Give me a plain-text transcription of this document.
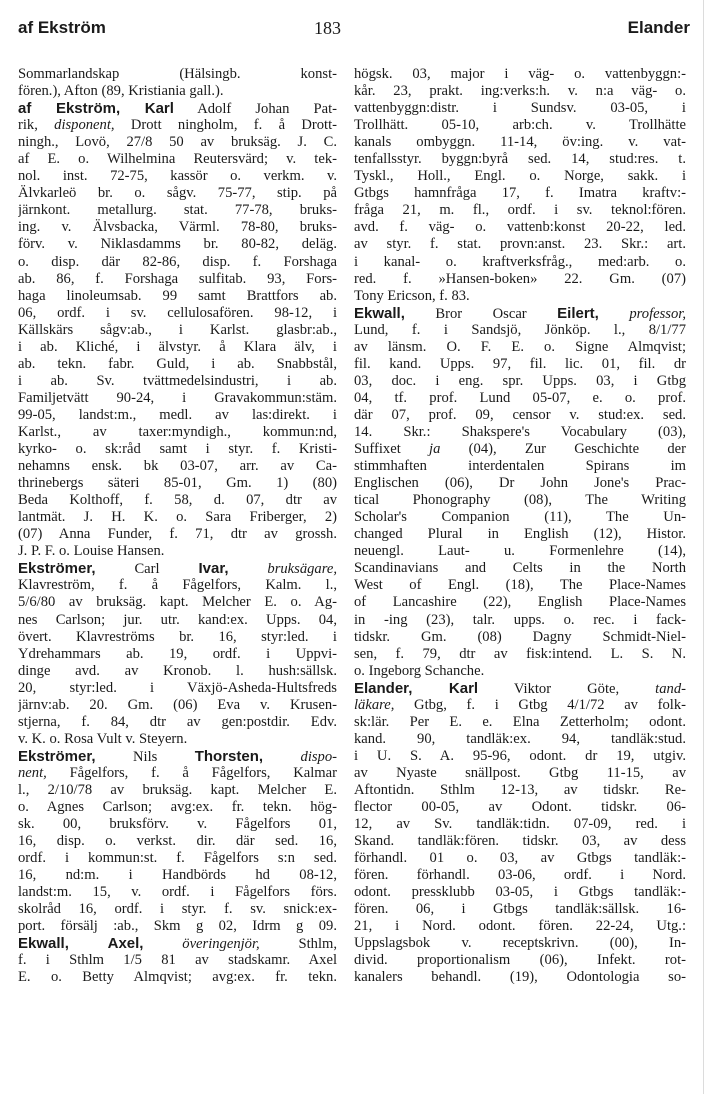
af Ekström	183	Elander
Sommarlandskap (Hälsingb. konst-
fören.), Afton (89, Kristiania gall.).
af Ekström, Karl Adolf Johan Pat-
rik, disponent, Drott ningholm, f. å Drott-
ningh., Lovö, 27/8 50 av bruksäg. J. C.
af E. o. Wilhelmina Reutersvärd; v. tek-
nol. inst. 72-75, kassör o. verkm. v.
Älvkarleö br. o. sågv. 75-77, stip. på
järnkont. metallurg. stat. 77-78, bruks-
ing. v. Älvsbacka, Värml. 78-80, bruks-
förv. v. Niklasdamms br. 80-82, deläg.
o. disp. där 82-86, disp. f. Forshaga
ab. 86, f. Forshaga sulfitab. 93, Fors-
haga linoleumsab. 99 samt Brattfors ab.
06, ordf. i sv. cellulosafören. 98-12, i
Källskärs sågv:ab., i Karlst. glasbr:ab.,
i ab. Kliché, i älvstyr. å Klara älv, i
ab. tekn. fabr. Guld, i ab. Snabbstål,
i ab. Sv. tvättmedelsindustri, i ab.
Familjetvätt 90-24, i Gravakommun:stäm.
99-05, landst:m., medl. av las:direkt. i
Karlst., av taxer:myndigh., kommun:nd,
kyrko- o. sk:råd samt i styr. f. Kristi-
nehamns ensk. bk 03-07, arr. av Ca-
thrinebergs säteri 85-01, Gm. 1) (80)
Beda Kolthoff, f. 58, d. 07, dtr av
lantmät. J. H. K. o. Sara Friberger, 2)
(07) Anna Funder, f. 71, dtr av grossh.
J. P. F. o. Louise Hansen.
Ekströmer, Carl Ivar,	bruksägare,
Klavreström, f. å Fågelfors, Kalm. l.,
5/6/80 av bruksäg. kapt. Melcher E. o. Ag-
nes Carlson; jur. utr. kand:ex. Upps. 04,
övert. Klavreströms br. 16, styr:led. i
Ydrehammars ab. 19, ordf. i Uppvi-
dinge avd. av Kronob. l. hush:sällsk.
20, styr:led. i Växjö-Asheda-Hultsfreds
järnv:ab. 20. Gm. (06) Eva v. Krusen-
stjerna, f. 84, dtr av gen:postdir. Edv.
v. K. o. Rosa Vult v. Steyern.
Ekströmer, Nils Thorsten,	dispo-
nent, Fågelfors, f. å Fågelfors, Kalmar
l., 2/10/78 av bruksäg. kapt. Melcher E.
o. Agnes Carlson; avg:ex. fr. tekn. hög-
sk. 00, bruksförv. v. Fågelfors 01,
16, disp. o. verkst. dir. där sed. 16,
ordf. i kommun:st. f. Fågelfors s:n sed.
16, nd:m. i Handbörds hd 08-12,
landst:m. 15, v. ordf. i Fågelfors förs.
skolråd 16, ordf. i styr. f. sv. snick:ex-
port. försälj :ab., Skm g 02, Idrm g 09.
Ekwall, Axel,	överingenjör, Sthlm,
f. i Sthlm 1/5 81 av stadskamr. Axel
E. o. Betty Almqvist; avg:ex. fr. tekn.
högsk. 03, major i väg- o. vattenbyggn:-
kår. 23, prakt. ing:verks:h. v. n:a väg- o.
vattenbyggn:distr. i Sundsv. 03-05, i
Trollhätt. 05-10, arb:ch. v. Trollhätte
kanals ombyggn. 11-14, öv:ing. v. vat-
tenfallsstyr. byggn:byrå sed. 14, stud:res. t.
Tyskl., Holl., Engl. o. Norge, sakk. i
Gtbgs hamnfråga 17, f. Imatra kraftv:-
fråga 21, m. fl., ordf. i sv. teknol:fören.
avd. f. väg- o. vattenb:konst 20-22, led.
av styr. f. stat. provn:anst. 23. Skr.: art.
i kanal- o. kraftverksfråg., med:arb. o.
red. f. »Hansen-boken» 22. Gm. (07)
Tony Ericson, f. 83.
Ekwall, Bror Oscar Eilert, professor,
Lund, f. i Sandsjö, Jönköp. l., 8/1/77
av länsm. O. F. E. o. Signe Almqvist;
fil. kand. Upps. 97, fil. lic. 01, fil. dr
03, doc. i eng. spr. Upps. 03, i Gtbg
04, tf. prof. Lund 05-07, e. o. prof.
där 07, prof. 09, censor v. stud:ex. sed.
14. Skr.: Shakspere's Vocabulary (03),
Suffixet ja (04), Zur Geschichte der
stimmhaften interdentalen Spirans im
Englischen (06), Dr John Jone's Prac-
tical Phonography (08), The Writing
Scholar's Companion (11), The Un-
changed Plural in English (12), Histor.
neuengl. Laut- u. Formenlehre (14),
Scandinavians and Celts in the North
West of Engl. (18), The Place-Names
of Lancashire (22), English Place-Names
in -ing (23), talr. upps. o. rec. i fack-
tidskr. Gm. (08) Dagny Schmidt-Niel-
sen, f. 79, dtr av fisk:intend. L. S. N.
o. Ingeborg Schanche.
Elander, Karl Viktor Göte, tand-
läkare, Gtbg, f. i Gtbg 4/1/72 av folk-
sk:lär. Per E. e. Elna Zetterholm; odont.
kand. 90, tandläk:ex. 94, tandläk:stud.
i U. S. A. 95-96, odont. dr 19, utgiv.
av Nyaste snällpost. Gtbg 11-15, av
Aftontidn. Sthlm 12-13, av tidskr. Re-
flector 00-05, av Odont. tidskr. 06-
12, av Sv. tandläk:tidn. 07-09, red. i
Skand. tandläk:fören. tidskr. 03, av dess
förhandl. 01 o. 03, av Gtbgs tandläk:-
fören. förhandl. 03-06, ordf. i Nord.
odont. pressklubb 03-05, i Gtbgs tandläk:-
fören. 06, i Gtbgs tandläk:sällsk. 16-
21, i Nord. odont. fören. 22-24, Utg.:
Uppslagsbok v. receptskrivn. (00), In-
divid. proportionalism (06), Infekt. rot-
kanalers behandl. (19), Odontologia so-
